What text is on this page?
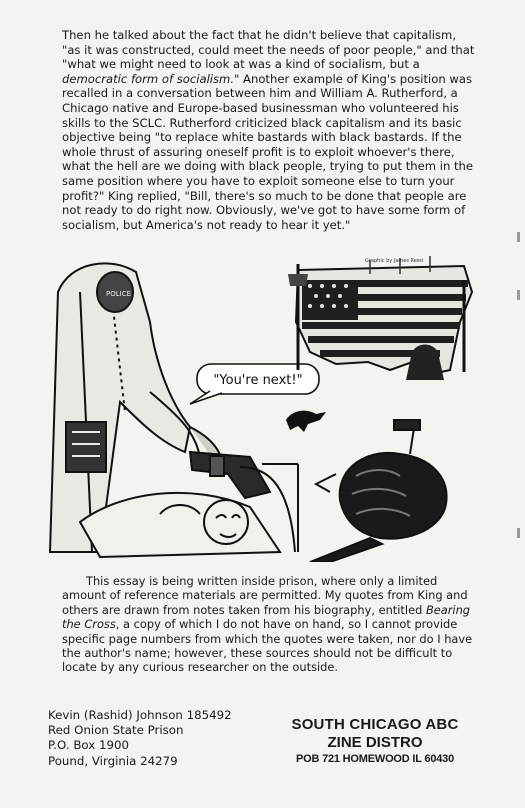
Then he talked about the fact that he didn't believe that capitalism, "as it was constructed, could meet the needs of poor people," and that "what we might need to look at was a kind of socialism, but a democratic form of socialism." Another example of King's position was recalled in a conversation between him and William A. Rutherford, a Chicago native and Europe-based businessman who volunteered his skills to the SCLC. Rutherford criticized black capitalism and its basic objective being "to replace white bastards with black bastards. If the whole thrust of assuring oneself profit is to exploit whoever's there, what the hell are we doing with black people, trying to put them in the same position where you have to exploit someone else to turn your profit?" King replied, "Bill, there's so much to be done that people are not ready to do right now. Obviously, we've got to have some form of socialism, but America's not ready to hear it yet."

POLICE
"You're next!"
Graphic by James Reed

This essay is being written inside prison, where only a limited amount of reference materials are permitted. My quotes from King and others are drawn from notes taken from his biography, entitled Bearing the Cross, a copy of which I do not have on hand, so I cannot provide specific page numbers from which the quotes were taken, nor do I have the author's name; however, these sources should not be difficult to locate by any curious researcher on the outside.

Kevin (Rashid) Johnson 185492
Red Onion State Prison
P.O. Box 1900
Pound, Virginia 24279
SOUTH CHICAGO ABC
ZINE DISTRO
POB 721 HOMEWOOD IL 60430
